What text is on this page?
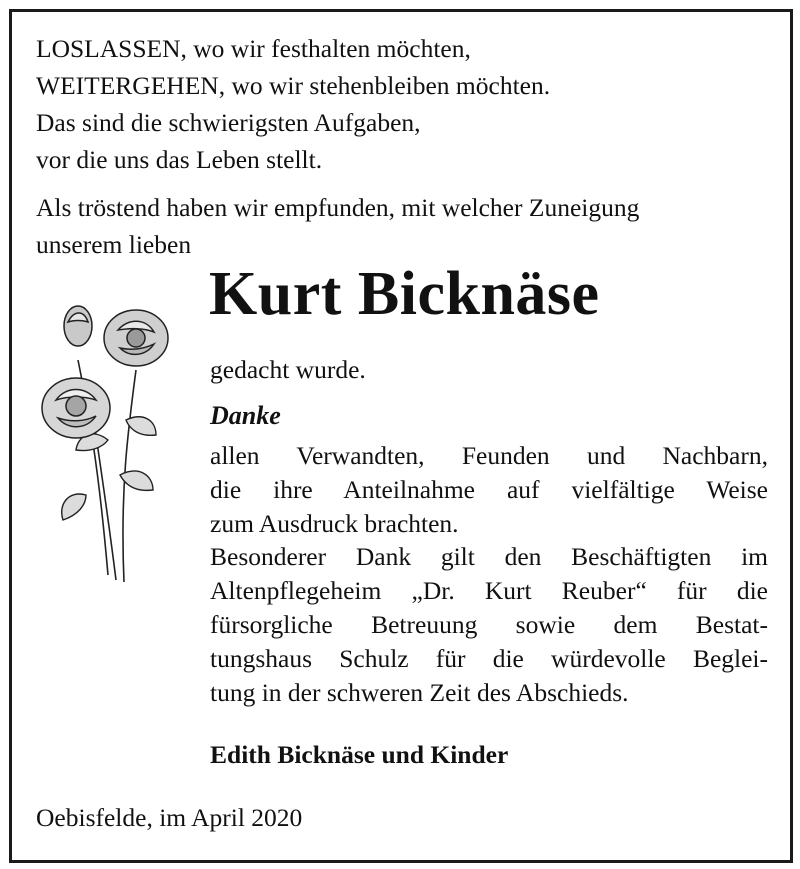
LOSLASSEN, wo wir festhalten möchten,
WEITERGEHEN, wo wir stehenbleiben möchten.
Das sind die schwierigsten Aufgaben,
vor die uns das Leben stellt.
Als tröstend haben wir empfunden, mit welcher Zuneigung
unserem lieben
Kurt Bicknäse
gedacht wurde.
Danke
allen Verwandten, Feunden und Nachbarn,
die ihre Anteilnahme auf vielfältige Weise
zum Ausdruck brachten.
Besonderer Dank gilt den Beschäftigten im
Altenpflegeheim „Dr. Kurt Reuber“ für die
fürsorgliche Betreuung sowie dem Bestat-
tungshaus Schulz für die würdevolle Beglei-
tung in der schweren Zeit des Abschieds.
Edith Bicknäse und Kinder
Oebisfelde, im April 2020
